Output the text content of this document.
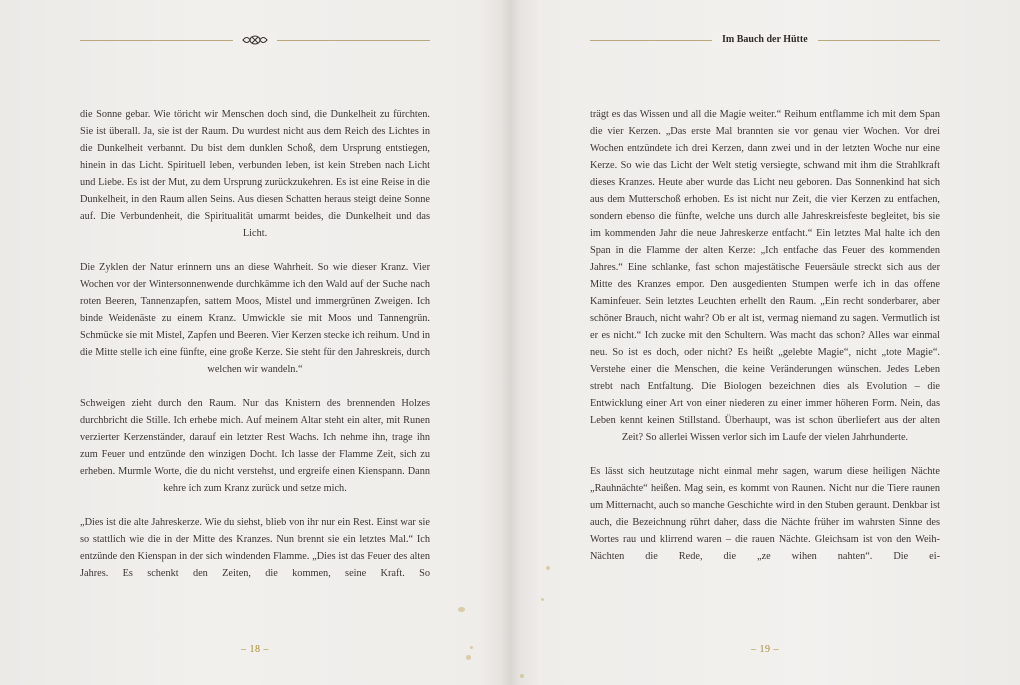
die Sonne gebar. Wie töricht wir Menschen doch sind, die Dunkelheit zu fürchten. Sie ist überall. Ja, sie ist der Raum. Du wurdest nicht aus dem Reich des Lichtes in die Dunkelheit verbannt. Du bist dem dunklen Schoß, dem Ursprung entstiegen, hinein in das Licht. Spirituell leben, verbunden leben, ist kein Streben nach Licht und Liebe. Es ist der Mut, zu dem Ursprung zurückzukehren. Es ist eine Reise in die Dunkelheit, in den Raum allen Seins. Aus diesen Schatten heraus steigt deine Sonne auf. Die Verbundenheit, die Spiritualität umarmt beides, die Dunkelheit und das Licht.

Die Zyklen der Natur erinnern uns an diese Wahrheit. So wie dieser Kranz. Vier Wochen vor der Wintersonnenwende durchkämme ich den Wald auf der Suche nach roten Beeren, Tannenzapfen, sattem Moos, Mistel und immergrünen Zweigen. Ich binde Weidenäste zu einem Kranz. Umwickle sie mit Moos und Tannengrün. Schmücke sie mit Mistel, Zapfen und Beeren. Vier Kerzen stecke ich reihum. Und in die Mitte stelle ich eine fünfte, eine große Kerze. Sie steht für den Jahreskreis, durch welchen wir wandeln.“

Schweigen zieht durch den Raum. Nur das Knistern des brennenden Holzes durchbricht die Stille. Ich erhebe mich. Auf meinem Altar steht ein alter, mit Runen verzierter Kerzenständer, darauf ein letzter Rest Wachs. Ich nehme ihn, trage ihn zum Feuer und entzünde den winzigen Docht. Ich lasse der Flamme Zeit, sich zu erheben. Murmle Worte, die du nicht verstehst, und ergreife einen Kienspann. Dann kehre ich zum Kranz zurück und setze mich.

„Dies ist die alte Jahreskerze. Wie du siehst, blieb von ihr nur ein Rest. Einst war sie so stattlich wie die in der Mitte des Kranzes. Nun brennt sie ein letztes Mal.“ Ich entzünde den Kienspan in der sich windenden Flamme. „Dies ist das Feuer des alten Jahres. Es schenkt den Zeiten, die kommen, seine Kraft. So

– 18 –
Im Bauch der Hütte

trägt es das Wissen und all die Magie weiter.“ Reihum entflamme ich mit dem Span die vier Kerzen. „Das erste Mal brannten sie vor genau vier Wochen. Vor drei Wochen entzündete ich drei Kerzen, dann zwei und in der letzten Woche nur eine Kerze. So wie das Licht der Welt stetig versiegte, schwand mit ihm die Strahlkraft dieses Kranzes. Heute aber wurde das Licht neu geboren. Das Sonnenkind hat sich aus dem Mutterschoß erhoben. Es ist nicht nur Zeit, die vier Kerzen zu entfachen, sondern ebenso die fünfte, welche uns durch alle Jahreskreisfeste begleitet, bis sie im kommenden Jahr die neue Jahreskerze entfacht.“ Ein letztes Mal halte ich den Span in die Flamme der alten Kerze: „Ich entfache das Feuer des kommenden Jahres.“ Eine schlanke, fast schon majestätische Feuersäule streckt sich aus der Mitte des Kranzes empor. Den ausgedienten Stumpen werfe ich in das offene Kaminfeuer. Sein letztes Leuchten erhellt den Raum. „Ein recht sonderbarer, aber schöner Brauch, nicht wahr? Ob er alt ist, vermag niemand zu sagen. Vermutlich ist er es nicht.“ Ich zucke mit den Schultern. Was macht das schon? Alles war einmal neu. So ist es doch, oder nicht? Es heißt „gelebte Magie“, nicht „tote Magie“. Verstehe einer die Menschen, die keine Veränderungen wünschen. Jedes Leben strebt nach Entfaltung. Die Biologen bezeichnen dies als Evolution – die Entwicklung einer Art von einer niederen zu einer immer höheren Form. Nein, das Leben kennt keinen Stillstand. Überhaupt, was ist schon überliefert aus der alten Zeit? So allerlei Wissen verlor sich im Laufe der vielen Jahrhunderte.

Es lässt sich heutzutage nicht einmal mehr sagen, warum diese heiligen Nächte „Rauhnächte“ heißen. Mag sein, es kommt von Raunen. Nicht nur die Tiere raunen um Mitternacht, auch so manche Geschichte wird in den Stuben geraunt. Denkbar ist auch, die Bezeichnung rührt daher, dass die Nächte früher im wahrsten Sinne des Wortes rau und klirrend waren – die rauen Nächte. Gleichsam ist von den Weih-Nächten die Rede, die „ze wihen nahten“. Die ei-

– 19 –
